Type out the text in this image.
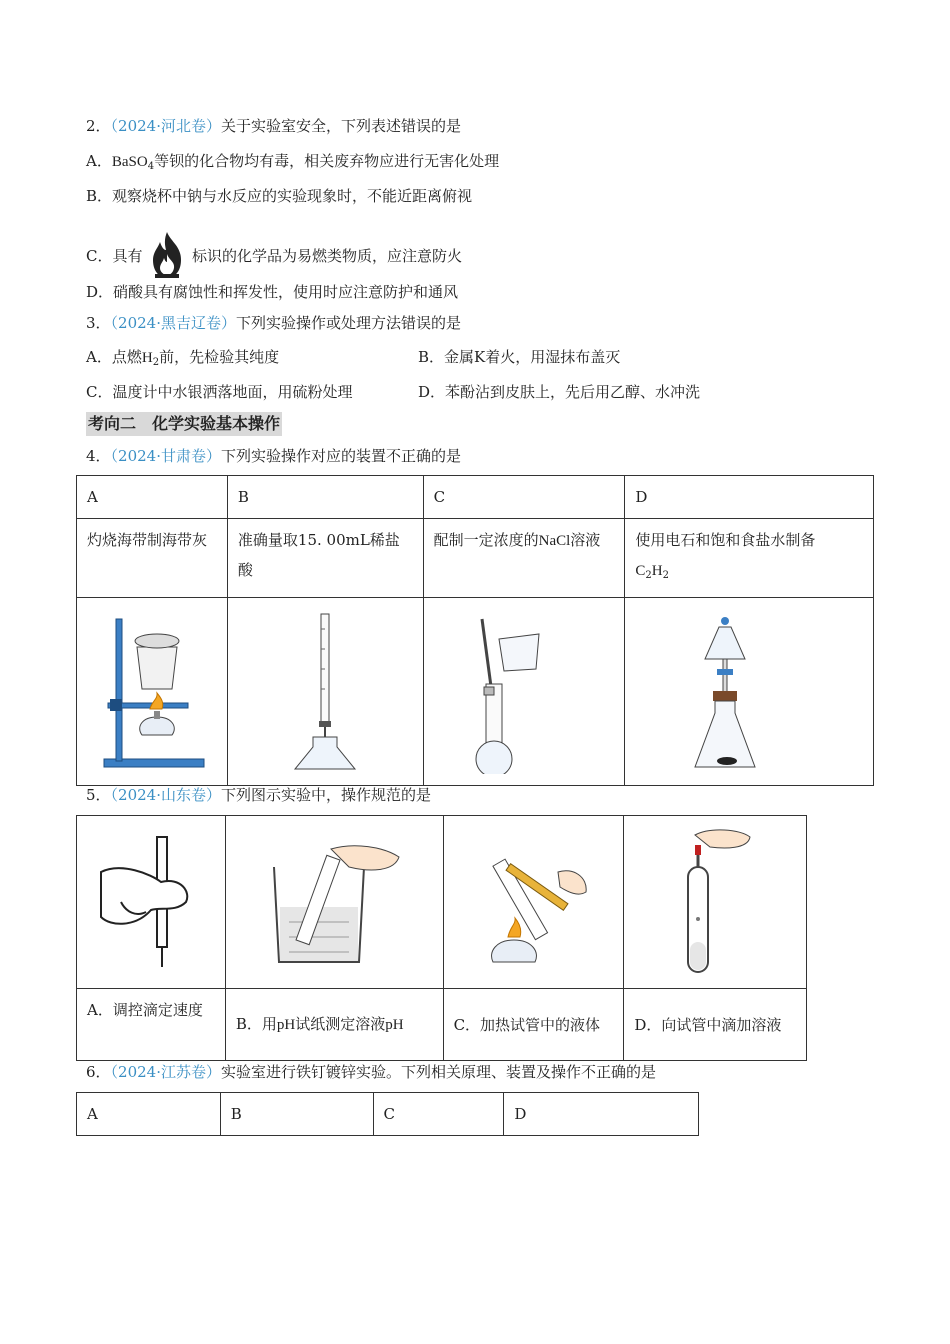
2．（2024·河北卷）关于实验室安全，下列表述错误的是
A．BaSO$_4$等钡的化合物均有毒，相关废弃物应进行无害化处理
B．观察烧杯中钠与水反应的实验现象时，不能近距离俯视
C．具有	标识的化学品为易燃类物质，应注意防火
D．硝酸具有腐蚀性和挥发性，使用时应注意防护和通风
3．（2024·黑吉辽卷）下列实验操作或处理方法错误的是
A．点燃$H_2$前，先检验其纯度	B．金属K着火，用湿抹布盖灭
C．温度计中水银洒落地面，用硫粉处理	D．苯酚沾到皮肤上，先后用乙醇、水冲洗
考向二　化学实验基本操作
4．（2024·甘肃卷）下列实验操作对应的装置不正确的是
A	B	C	D
灼烧海带制海带灰	准确量取15. 00mL稀盐酸	配制一定浓度的NaCl溶液	使用电石和饱和食盐水制备
$C_2H_2$

5．（2024·山东卷）下列图示实验中，操作规范的是

A．调控滴定速度	B．用pH试纸测定溶液pH	C．加热试管中的液体	D．向试管中滴加溶液
6．（2024·江苏卷）实验室进行铁钉镀锌实验。下列相关原理、装置及操作不正确的是
A	B	C	D
